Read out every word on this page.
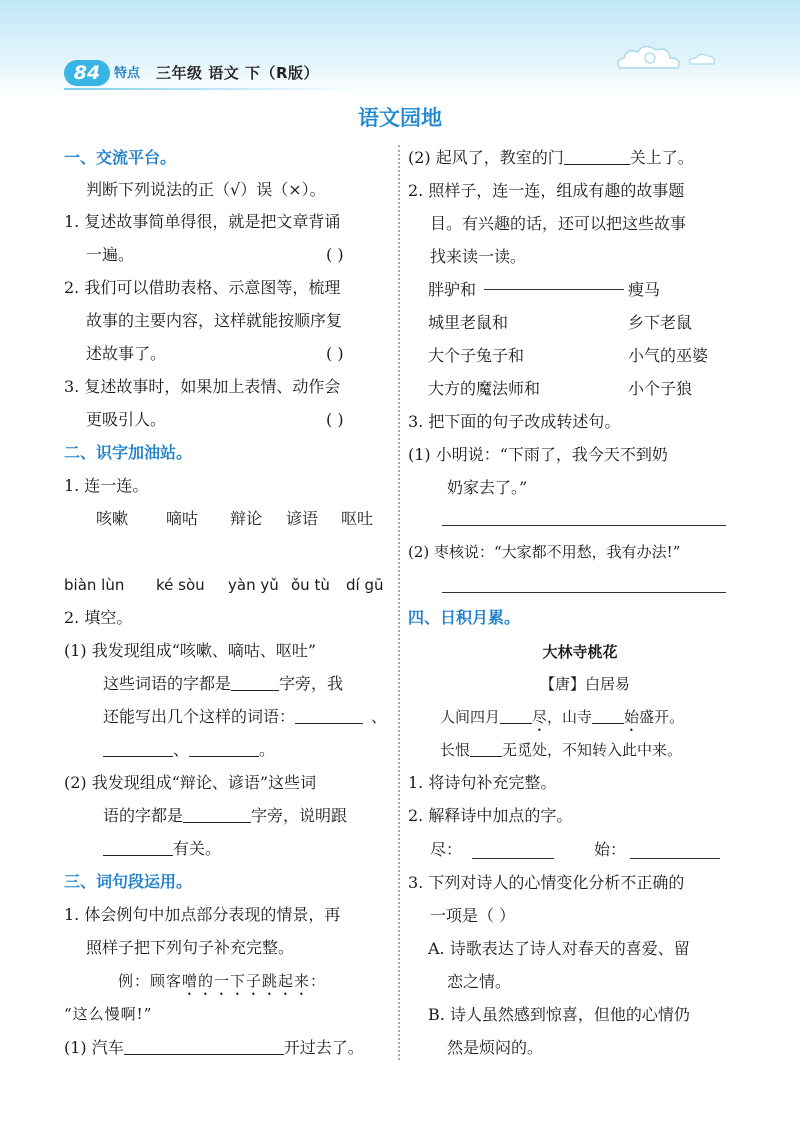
84	特点 三年级 语文 下（R版）
语文园地
一、交流平台。
判断下列说法的正（√）误（×）。
1. 复述故事简单得很，就是把文章背诵
一遍。	( )
2. 我们可以借助表格、示意图等，梳理
故事的主要内容，这样就能按顺序复
述故事了。	( )
3. 复述故事时，如果加上表情、动作会
更吸引人。	( )
二、识字加油站。
1. 连一连。
咳嗽 嘀咕 辩论 谚语 呕吐
biàn lùn ké sòu yàn yǔ ǒu tù dí gū
2. 填空。
(1) 我发现组成“咳嗽、嘀咕、呕吐”
这些词语的字都是	字旁，我
还能写出几个这样的词语：	、
、	。
(2) 我发现组成“辩论、谚语”这些词
语的字都是	字旁，说明跟
有关。
三、词句段运用。
1. 体会例句中加点部分表现的情景，再
照样子把下列句子补充完整。
例：顾客噌的一下子跳起来：
“这么慢啊!”
(1) 汽车	开过去了。
(2) 起风了，教室的门	关上了。
2. 照样子，连一连，组成有趣的故事题
目。有兴趣的话，还可以把这些故事
找来读一读。
胖驴和	瘦马
城里老鼠和	乡下老鼠
大个子兔子和	小气的巫婆
大方的魔法师和	小个子狼
3. 把下面的句子改成转述句。
(1) 小明说：“下雨了，我今天不到奶
奶家去了。”
(2) 枣核说：“大家都不用愁，我有办法!”
四、日积月累。
大林寺桃花
【唐】白居易
人间四月 尽，山寺 始盛开。
长恨 无觅处，不知转入此中来。
1. 将诗句补充完整。
2. 解释诗中加点的字。
尽：	始：
3. 下列对诗人的心情变化分析不正确的
一项是（ ）
A. 诗歌表达了诗人对春天的喜爱、留
恋之情。
B. 诗人虽然感到惊喜，但他的心情仍
然是烦闷的。
